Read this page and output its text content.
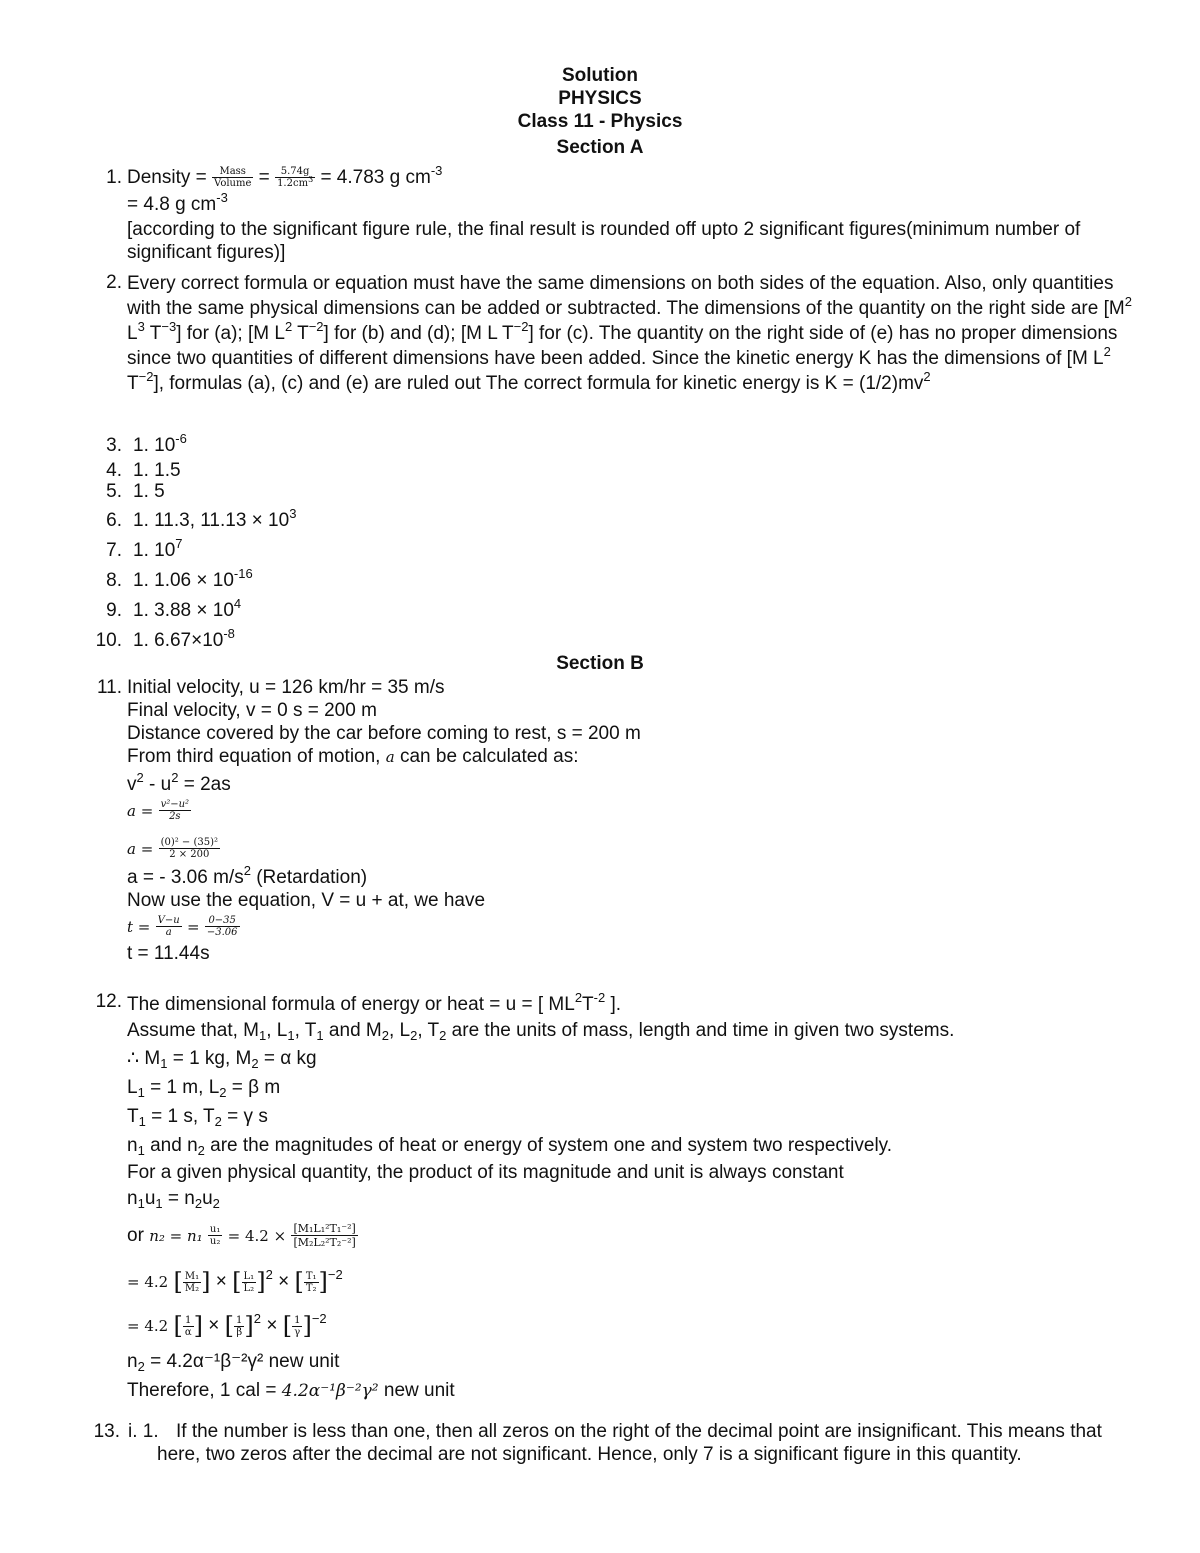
Solution
PHYSICS
Class 11 - Physics
Section A
1. Density = $\frac{\text{Mass}}{\text{Volume}} = \frac{5.74g}{1.2cm^3} = 4.783$ g $cm^{-3}$
= 4.8 g $cm^{-3}$
[according to the significant figure rule, the final result is rounded off upto 2 significant figures(minimum number of significant figures)]
2. Every correct formula or equation must have the same dimensions on both sides of the equation. Also, only quantities with the same physical dimensions can be added or subtracted. The dimensions of the quantity on the right side are [$M^2$ $L^3$ $T^{-3}$] for (a); [M $L^2$ $T^{-2}$] for (b) and (d); [M L $T^{-2}$] for (c). The quantity on the right side of (e) has no proper dimensions since two quantities of different dimensions have been added. Since the kinetic energy K has the dimensions of [M $L^2$ $T^{-2}$], formulas (a), (c) and (e) are ruled out The correct formula for kinetic energy is $K = (1/2)mv^2$
3. 1. $10^{-6}$
4. 1. 1.5
5. 1. 5
6. 1. 11.3, $11.13 \times 10^3$
7. 1. $10^7$
8. 1. $1.06 \times 10^{-16}$
9. 1. $3.88 \times 10^4$
10. 1. $6.67\times 10^{-8}$
Section B
11. Initial velocity, u = 126 km/hr = 35 m/s
Final velocity, v = 0 s = 200 m
Distance covered by the car before coming to rest, s = 200 m
From third equation of motion, a can be calculated as:
$v^2 - u^2 = 2as$
$a = \frac{\text{v²−u²}}{2s}$
$a = \frac{\text{(0)² − (35)²}}{2 \times 200}$
a = - 3.06 $m/s^2$ (Retardation)
Now use the equation, V = u + at, we have
$t = \frac{V-u}{a} = \frac{0-35}{-3.06}$
t = 11.44s
12. The dimensional formula of energy or heat = u = [ $ML^2T^{-2}$ ].
Assume that, $M_1$, $L_1$, $T_1$ and $M_2$, $L_2$, $T_2$ are the units of mass, length and time in given two systems.
∴ $M_1 = 1$ kg, $M_2 = \alpha$ kg
$L_1 = 1$ m, $L_2 = \beta$ m
$T_1 = 1$ s, $T_2 = \gamma$ s
$n_1$ and $n_2$ are the magnitudes of heat or energy of system one and system two respectively.
For a given physical quantity, the product of its magnitude and unit is always constant
$n_1u_1 = n_2u_2$
or $n_2 = n_1 \frac{\text{u₁}}{\text{u₂}} = 4.2 \times \frac{\text{[M₁L₁²T₁⁻²]}}{\text{[M₂L₂²T₂⁻²]}}$
= 4.2 [ $\frac{\text{M₁}}{\text{M₂}}$ ] × [ $\frac{\text{L₁}}{\text{L₂}} ]^2$ × [ $\frac{\text{T₁}}{\text{T₂}} ]^{-2}$
= 4.2 [ $\frac{1}{\alpha}$ ] × [ $\frac{1}{\beta} ]^2$ × [ $\frac{1}{\gamma} ]^{-2}$
$n_2 = 4.2\alpha^{-1}\beta^{-2}\gamma^2$ new unit
Therefore, 1 cal = 4.2α⁻¹β⁻²γ² new unit
13. i. 1. If the number is less than one, then all zeros on the right of the decimal point are insignificant. This means that here, two zeros after the decimal are not significant. Hence, only 7 is a significant figure in this quantity.
